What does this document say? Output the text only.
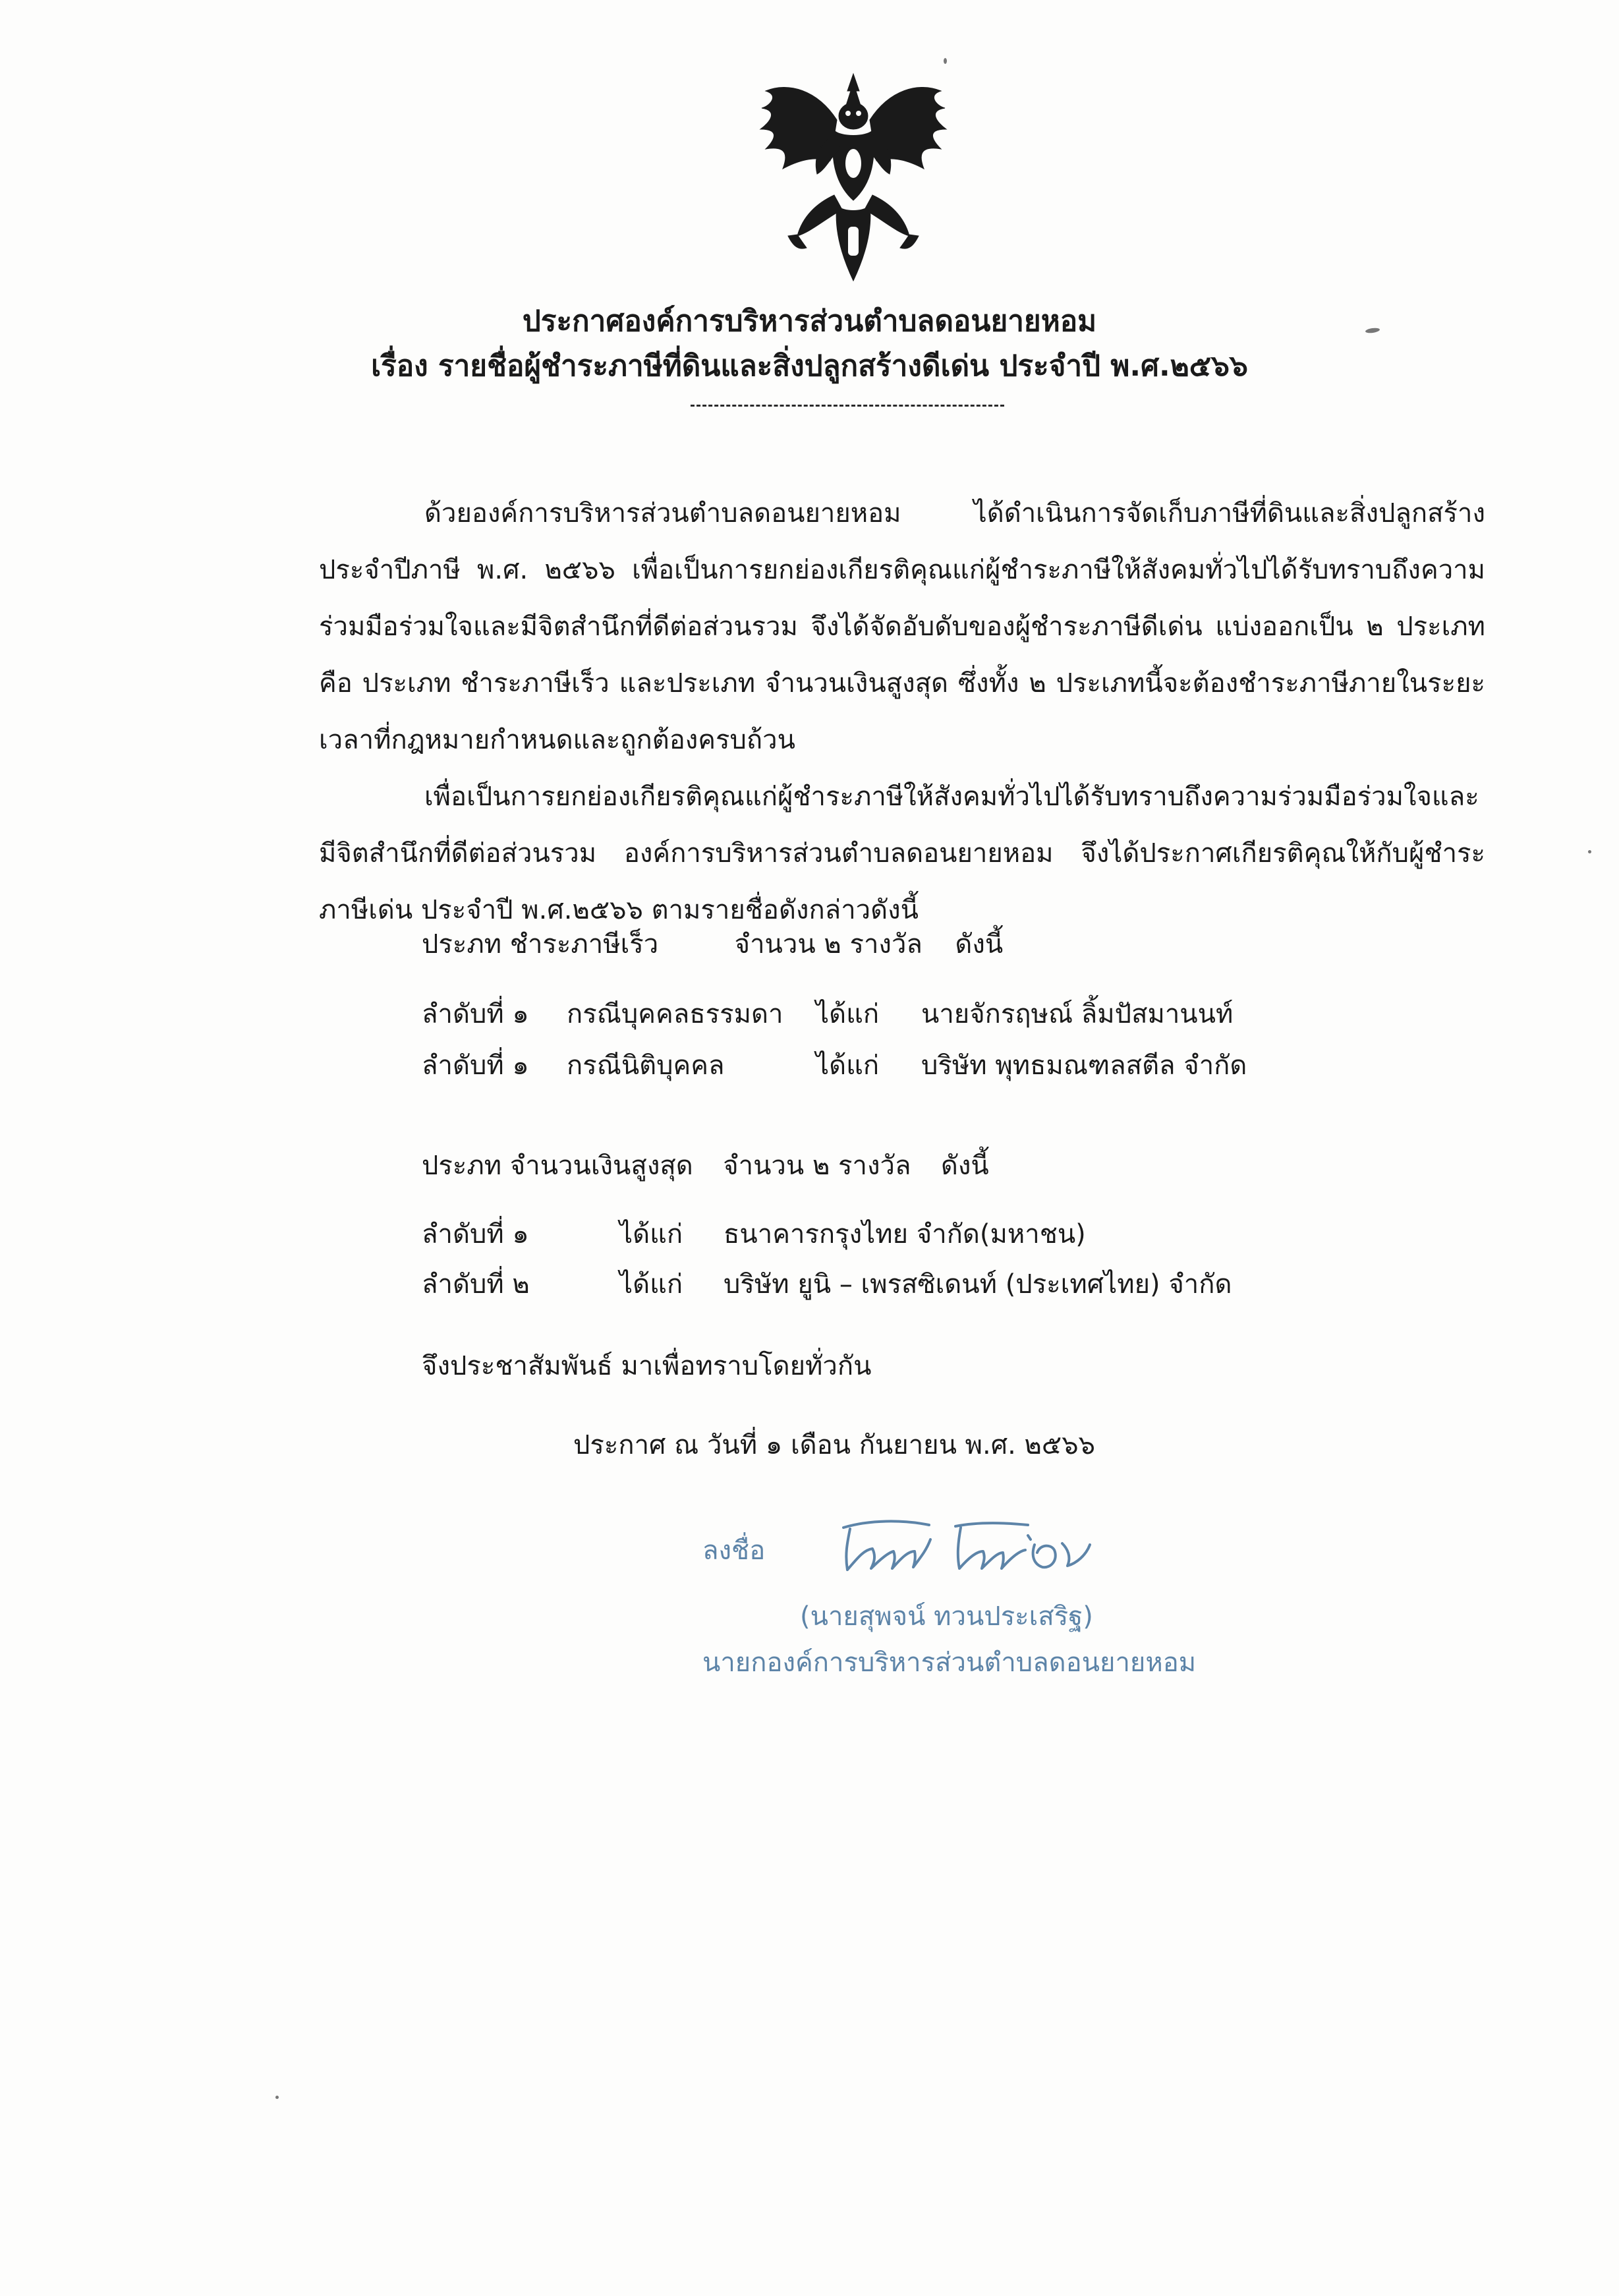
ประกาศองค์การบริหารส่วนตำบลดอนยายหอม
เรื่อง รายชื่อผู้ชำระภาษีที่ดินและสิ่งปลูกสร้างดีเด่น ประจำปี พ.ศ.๒๕๖๖
ด้วยองค์การบริหารส่วนตำบลดอนยายหอม ได้ดำเนินการจัดเก็บภาษีที่ดินและสิ่งปลูกสร้าง ประจำปีภาษี พ.ศ. ๒๕๖๖ เพื่อเป็นการยกย่องเกียรติคุณแก่ผู้ชำระภาษีให้สังคมทั่วไปได้รับทราบถึงความร่วมมือร่วมใจและมีจิตสำนึกที่ดีต่อส่วนรวม จึงได้จัดอับดับของผู้ชำระภาษีดีเด่น แบ่งออกเป็น ๒ ประเภท คือ ประเภท ชำระภาษีเร็ว และประเภท จำนวนเงินสูงสุด ซึ่งทั้ง ๒ ประเภทนี้จะต้องชำระภาษีภายในระยะเวลาที่กฎหมายกำหนดและถูกต้องครบถ้วน
เพื่อเป็นการยกย่องเกียรติคุณแก่ผู้ชำระภาษีให้สังคมทั่วไปได้รับทราบถึงความร่วมมือร่วมใจและมีจิตสำนึกที่ดีต่อส่วนรวม องค์การบริหารส่วนตำบลดอนยายหอม จึงได้ประกาศเกียรติคุณให้กับผู้ชำระภาษีเด่น ประจำปี พ.ศ.๒๕๖๖ ตามรายชื่อดังกล่าวดังนี้
ประภท ชำระภาษีเร็ว	จำนวน ๒ รางวัล ดังนี้
ลำดับที่ ๑ กรณีบุคคลธรรมดา ได้แก่ นายจักรฤษณ์ ลิ้มปัสมานนท์
ลำดับที่ ๑ กรณีนิติบุคคล	ได้แก่ บริษัท พุทธมณฑลสตีล จำกัด
ประภท จำนวนเงินสูงสุด จำนวน ๒ รางวัล ดังนี้
ลำดับที่ ๑	ได้แก่ ธนาคารกรุงไทย จำกัด(มหาชน)
ลำดับที่ ๒	ได้แก่ บริษัท ยูนิ – เพรสซิเดนท์ (ประเทศไทย) จำกัด
จึงประชาสัมพันธ์ มาเพื่อทราบโดยทั่วกัน
ประกาศ ณ วันที่ ๑ เดือน กันยายน พ.ศ. ๒๕๖๖
ลงชื่อ
(นายสุพจน์ ทวนประเสริฐ)
นายกองค์การบริหารส่วนตำบลดอนยายหอม
